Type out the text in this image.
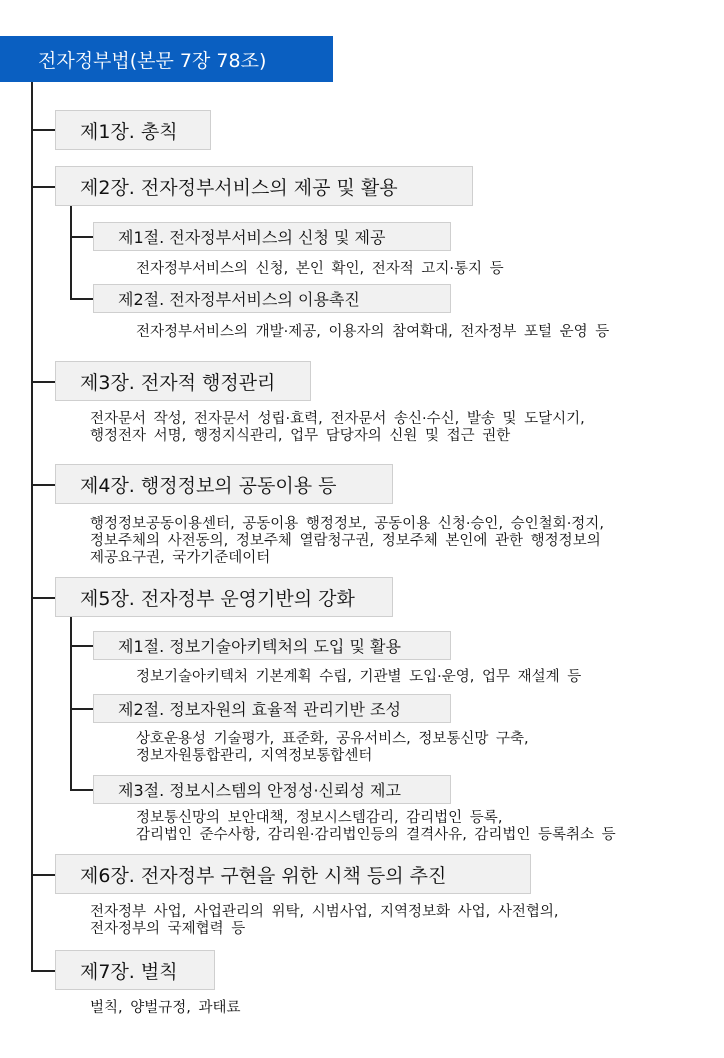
전자정부법(본문 7장 78조)
제1장. 총칙
제2장. 전자정부서비스의 제공 및 활용
제1절. 전자정부서비스의 신청 및 제공
전자정부서비스의 신청, 본인 확인, 전자적 고지·통지 등
제2절. 전자정부서비스의 이용촉진
전자정부서비스의 개발·제공, 이용자의 참여확대, 전자정부 포털 운영 등
제3장. 전자적 행정관리
전자문서 작성, 전자문서 성립·효력, 전자문서 송신·수신, 발송 및 도달시기,
행정전자 서명, 행정지식관리, 업무 담당자의 신원 및 접근 권한
제4장. 행정정보의 공동이용 등
행정정보공동이용센터, 공동이용 행정정보, 공동이용 신청·승인, 승인철회·정지,
정보주체의 사전동의, 정보주체 열람청구권, 정보주체 본인에 관한 행정정보의
제공요구권, 국가기준데이터
제5장. 전자정부 운영기반의 강화
제1절. 정보기술아키텍처의 도입 및 활용
정보기술아키텍처 기본계획 수립, 기관별 도입·운영, 업무 재설계 등
제2절. 정보자원의 효율적 관리기반 조성
상호운용성 기술평가, 표준화, 공유서비스, 정보통신망 구축,
정보자원통합관리, 지역정보통합센터
제3절. 정보시스템의 안정성·신뢰성 제고
정보통신망의 보안대책, 정보시스템감리, 감리법인 등록,
감리법인 준수사항, 감리원·감리법인등의 결격사유, 감리법인 등록취소 등
제6장. 전자정부 구현을 위한 시책 등의 추진
전자정부 사업, 사업관리의 위탁, 시범사업, 지역정보화 사업, 사전협의,
전자정부의 국제협력 등
제7장. 벌칙
벌칙, 양벌규정, 과태료
